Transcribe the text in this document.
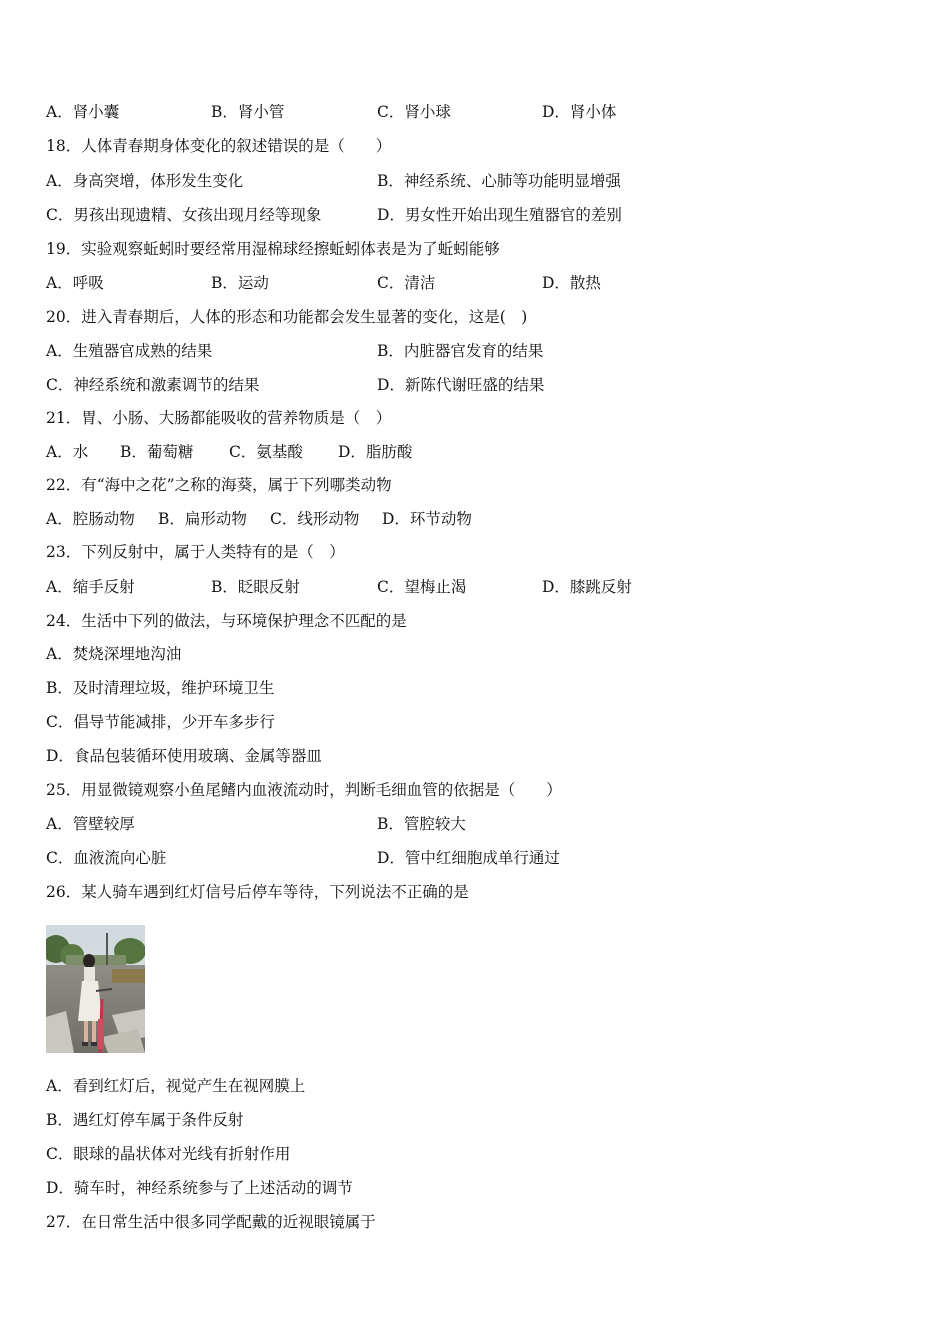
A．肾小囊	B．肾小管	C．肾小球	D．肾小体
18．人体青春期身体变化的叙述错误的是（　　）
A．身高突增，体形发生变化	B．神经系统、心肺等功能明显增强
C．男孩出现遗精、女孩出现月经等现象	D．男女性开始出现生殖器官的差别
19．实验观察蚯蚓时要经常用湿棉球经擦蚯蚓体表是为了蚯蚓能够
A．呼吸	B．运动	C．清洁	D．散热
20．进入青春期后，人体的形态和功能都会发生显著的变化，这是(　)
A．生殖器官成熟的结果	B．内脏器官发育的结果
C．神经系统和激素调节的结果	D．新陈代谢旺盛的结果
21．胃、小肠、大肠都能吸收的营养物质是（　）
A．水 B．葡萄糖 C．氨基酸 D．脂肪酸
22．有“海中之花”之称的海葵，属于下列哪类动物
A．腔肠动物 B．扁形动物 C．线形动物 D．环节动物
23．下列反射中，属于人类特有的是（　）
A．缩手反射	B．眨眼反射	C．望梅止渴	D．膝跳反射
24．生活中下列的做法，与环境保护理念不匹配的是
A．焚烧深埋地沟油
B．及时清理垃圾，维护环境卫生
C．倡导节能减排，少开车多步行
D．食品包装循环使用玻璃、金属等器皿
25．用显微镜观察小鱼尾鳍内血液流动时，判断毛细血管的依据是（　　）
A．管壁较厚	B．管腔较大
C．血液流向心脏	D．管中红细胞成单行通过
26．某人骑车遇到红灯信号后停车等待，下列说法不正确的是
A．看到红灯后，视觉产生在视网膜上
B．遇红灯停车属于条件反射
C．眼球的晶状体对光线有折射作用
D．骑车时，神经系统参与了上述活动的调节
27．在日常生活中很多同学配戴的近视眼镜属于
